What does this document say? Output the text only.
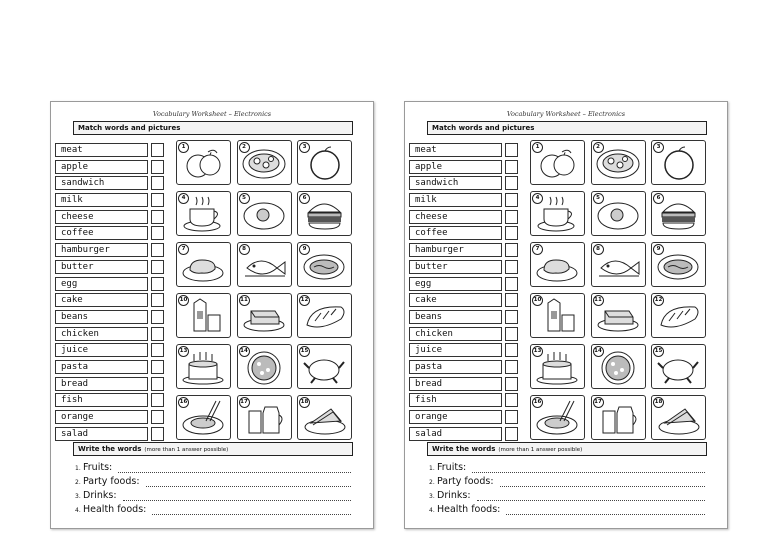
Vocabulary Worksheet – Electronics
Match words and pictures
meat
apple
sandwich
milk
cheese
coffee
hamburger
butter
egg
cake
beans
chicken
juice
pasta
bread
fish
orange
salad
1	2	3
4	5	6
7	8	9
10	11	12
13	14	15
16	17	18
Write the words (more than 1 answer possible)
1. Fruits:
2. Party foods:
3. Drinks:
4. Health foods:
Vocabulary Worksheet – Electronics
Match words and pictures
meat
apple
sandwich
milk
cheese
coffee
hamburger
butter
egg
cake
beans
chicken
juice
pasta
bread
fish
orange
salad
1	2	3
4	5	6
7	8	9
10	11	12
13	14	15
16	17	18
Write the words (more than 1 answer possible)
1. Fruits:
2. Party foods:
3. Drinks:
4. Health foods:
